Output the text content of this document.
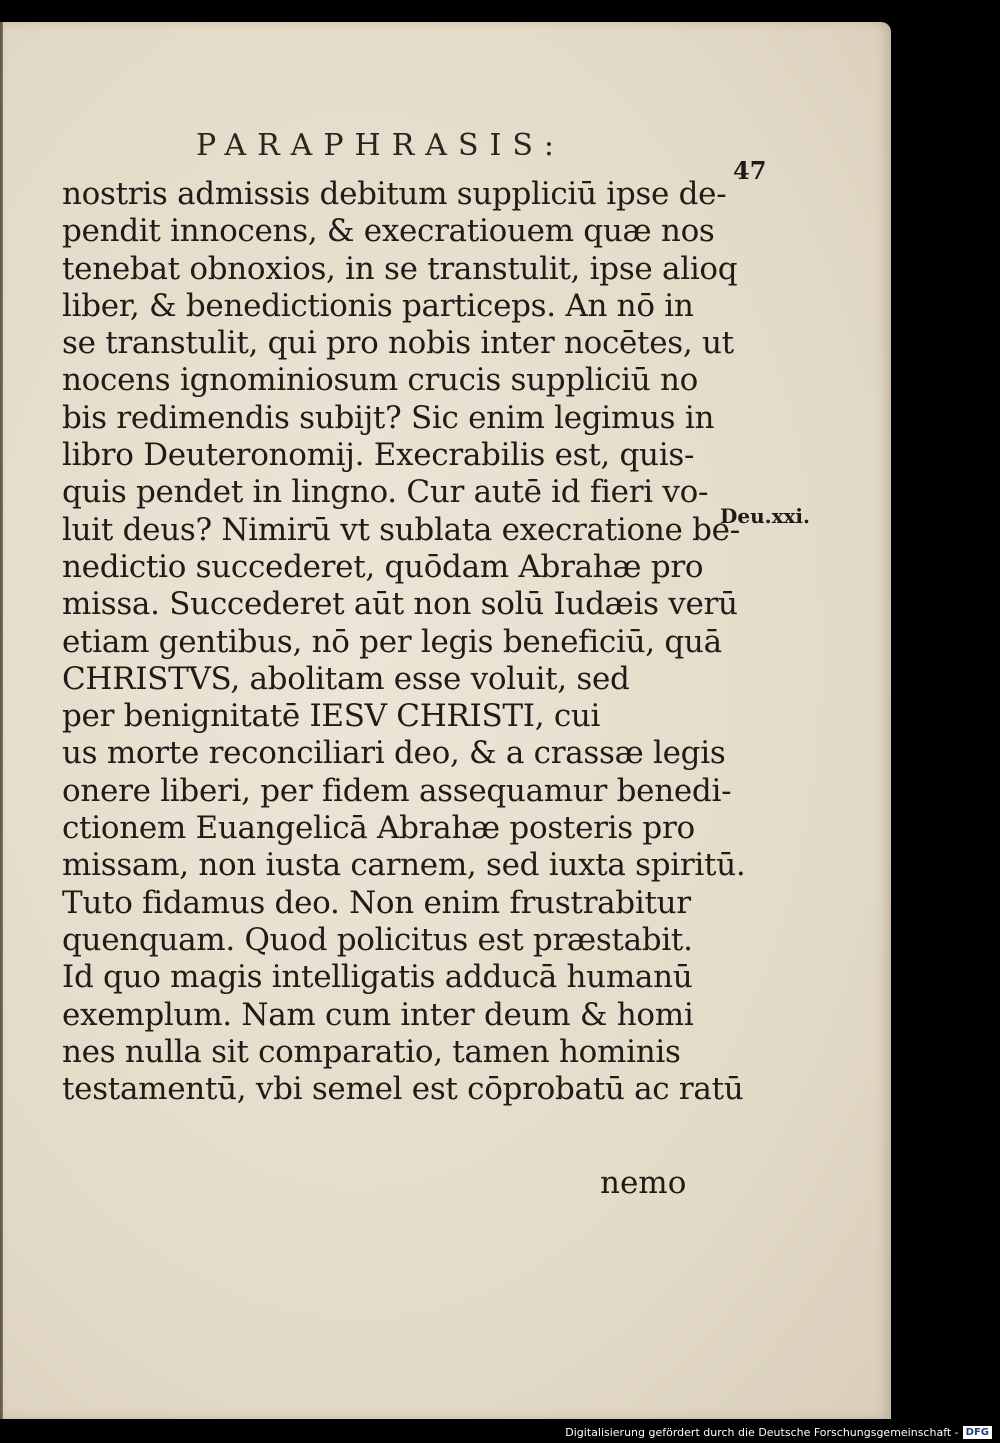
PARAPHRASIS:
47
Deu.xxi.
nostris admissis debitum suppliciū ipse de-
pendit innocens, & execratiouem quæ nos
tenebat obnoxios, in se transtulit, ipse alioq
liber, & benedictionis particeps. An nō in
se transtulit, qui pro nobis inter nocētes, ut
nocens ignominiosum crucis suppliciū no
bis redimendis subijt? Sic enim legimus in
libro Deuteronomij. Execrabilis est, quis-
quis pendet in lingno. Cur autē id fieri vo-
luit deus? Nimirū vt sublata execratione be-
nedictio succederet, quōdam Abrahæ pro
missa. Succederet aūt non solū Iudæis verū
etiam gentibus, nō per legis beneficiū, quā
CHRISTVS, abolitam esse voluit, sed
per benignitatē IESV CHRISTI, cui
us morte reconciliari deo, & a crassæ legis
onere liberi, per fidem assequamur benedi-
ctionem Euangelicā Abrahæ posteris pro
missam, non iusta carnem, sed iuxta spiritū.
Tuto fidamus deo. Non enim frustrabitur
quenquam. Quod policitus est præstabit.
Id quo magis intelligatis adducā humanū
exemplum. Nam cum inter deum & homi
nes nulla sit comparatio, tamen hominis
testamentū, vbi semel est cōprobatū ac ratū
nemo
Digitalisierung gefördert durch die Deutsche Forschungsgemeinschaft - DFG
